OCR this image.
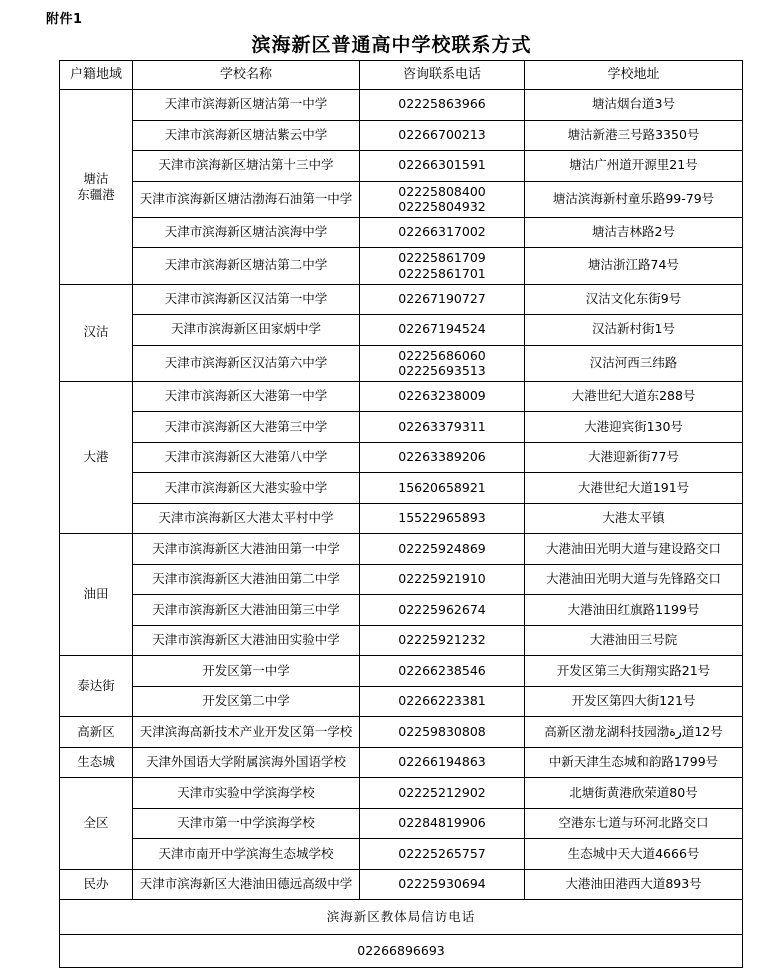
附件1
滨海新区普通高中学校联系方式
户籍地域	学校名称	咨询联系电话	学校地址

塘沽
东疆港	天津市滨海新区塘沽第一中学	02225863966	塘沽烟台道3号
	天津市滨海新区塘沽紫云中学	02266700213	塘沽新港三号路3350号
	天津市滨海新区塘沽第十三中学	02266301591	塘沽广州道开源里21号
	天津市滨海新区塘沽渤海石油第一中学	02225808400
02225804932	塘沽滨海新村童乐路99-79号
	天津市滨海新区塘沽滨海中学	02266317002	塘沽吉林路2号
	天津市滨海新区塘沽第二中学	02225861709
02225861701	塘沽浙江路74号
汉沽	天津市滨海新区汉沽第一中学	02267190727	汉沽文化东街9号
	天津市滨海新区田家炳中学	02267194524	汉沽新村街1号
	天津市滨海新区汉沽第六中学	02225686060
02225693513	汉沽河西三纬路
大港	天津市滨海新区大港第一中学	02263238009	大港世纪大道东288号
	天津市滨海新区大港第三中学	02263379311	大港迎宾街130号
	天津市滨海新区大港第八中学	02263389206	大港迎新街77号
	天津市滨海新区大港实验中学	15620658921	大港世纪大道191号
	天津市滨海新区大港太平村中学	15522965893	大港太平镇
油田	天津市滨海新区大港油田第一中学	02225924869	大港油田光明大道与建设路交口
	天津市滨海新区大港油田第二中学	02225921910	大港油田光明大道与先锋路交口
	天津市滨海新区大港油田第三中学	02225962674	大港油田红旗路1199号
	天津市滨海新区大港油田实验中学	02225921232	大港油田三号院
泰达街	开发区第一中学	02266238546	开发区第三大街翔实路21号
	开发区第二中学	02266223381	开发区第四大街121号
高新区	天津滨海高新技术产业开发区第一学校	02259830808	高新区渤龙湖科技园渤رة道12号
生态城	天津外国语大学附属滨海外国语学校	02266194863	中新天津生态城和韵路1799号
全区	天津市实验中学滨海学校	02225212902	北塘街黄港欣荣道80号
	天津市第一中学滨海学校	02284819906	空港东七道与环河北路交口
	天津市南开中学滨海生态城学校	02225265757	生态城中天大道4666号
民办	天津市滨海新区大港油田德远高级中学	02225930694	大港油田港西大道893号
滨海新区教体局信访电话			
02266896693			
